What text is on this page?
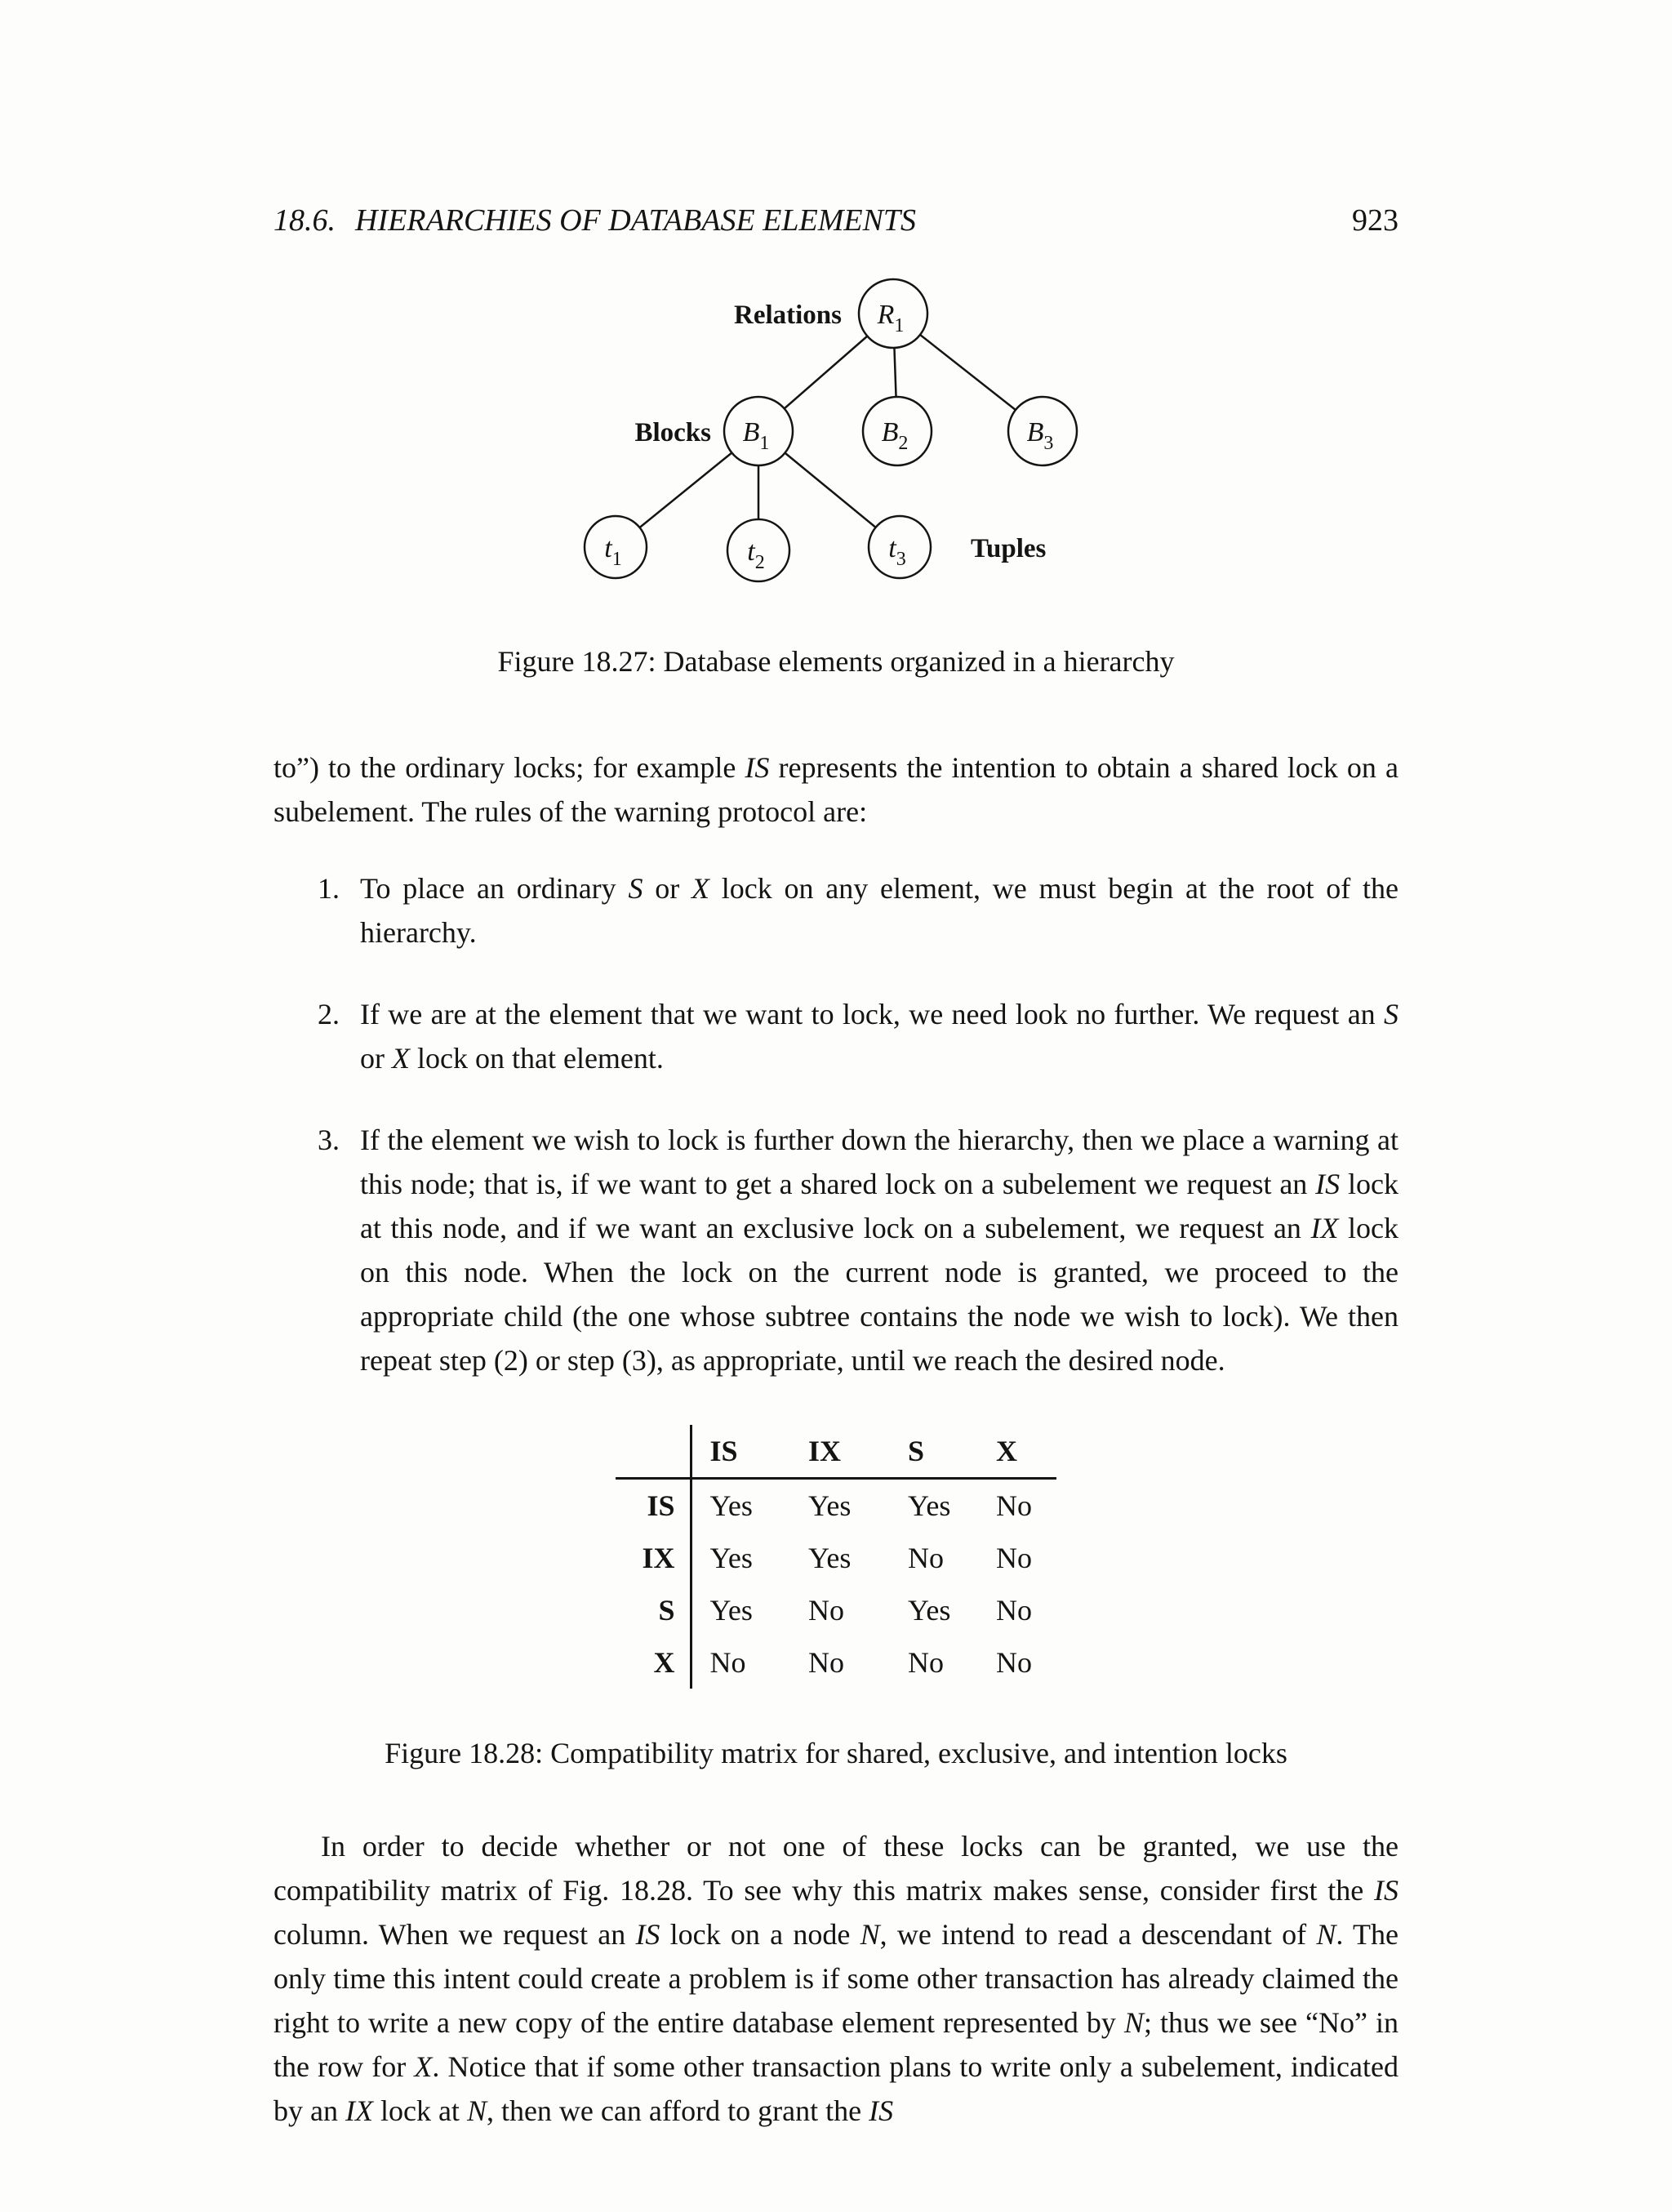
18.6. HIERARCHIES OF DATABASE ELEMENTS	923
$R_1$
$B_1$	$B_2$	$B_3$
$t_1$	$t_2$	$t_3$
Relations
Blocks
Tuples
Figure 18.27: Database elements organized in a hierarchy

to”) to the ordinary locks; for example IS represents the intention to obtain a shared lock on a subelement. The rules of the warning protocol are:

1. To place an ordinary S or X lock on any element, we must begin at the root of the hierarchy.
2. If we are at the element that we want to lock, we need look no further. We request an S or X lock on that element.
3. If the element we wish to lock is further down the hierarchy, then we place a warning at this node; that is, if we want to get a shared lock on a subelement we request an IS lock at this node, and if we want an exclusive lock on a subelement, we request an IX lock on this node. When the lock on the current node is granted, we proceed to the appropriate child (the one whose subtree contains the node we wish to lock). We then repeat step (2) or step (3), as appropriate, until we reach the desired node.
	IS	IX	S	X
IS	Yes	Yes	Yes	No
IX	Yes	Yes	No	No
S	Yes	No	Yes	No
X	No	No	No	No
Figure 18.28: Compatibility matrix for shared, exclusive, and intention locks

In order to decide whether or not one of these locks can be granted, we use the compatibility matrix of Fig. 18.28. To see why this matrix makes sense, consider first the IS column. When we request an IS lock on a node N, we intend to read a descendant of N. The only time this intent could create a problem is if some other transaction has already claimed the right to write a new copy of the entire database element represented by N; thus we see “No” in the row for X. Notice that if some other transaction plans to write only a subelement, indicated by an IX lock at N, then we can afford to grant the IS
